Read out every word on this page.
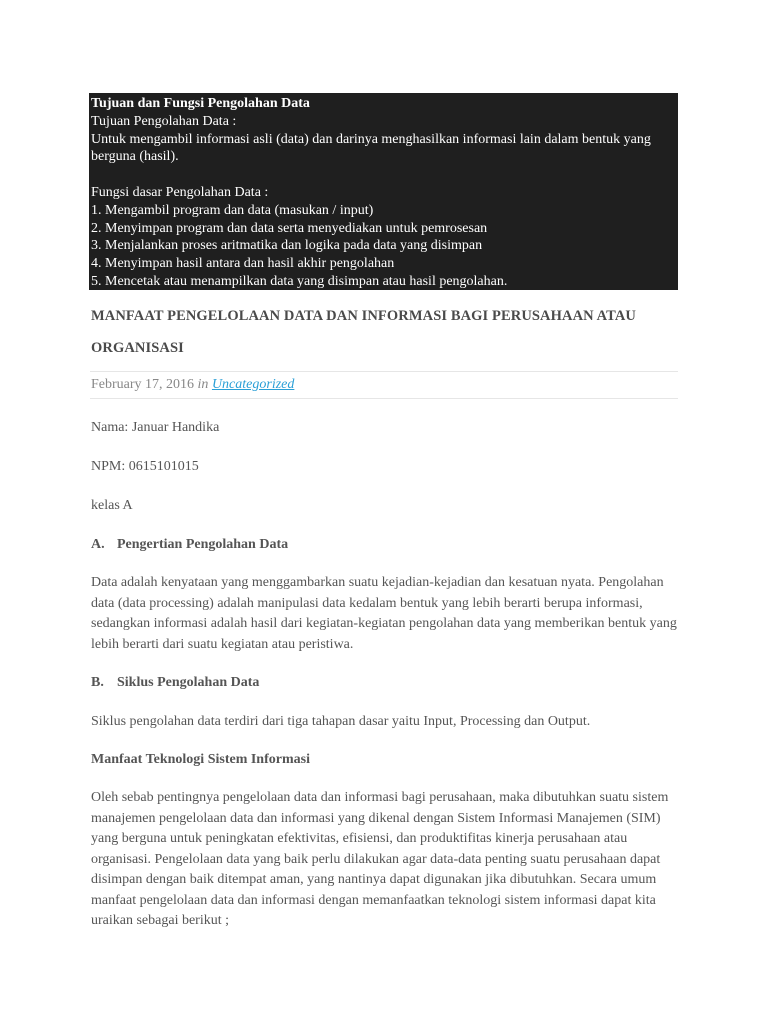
Tujuan dan Fungsi Pengolahan Data
Tujuan Pengolahan Data :
Untuk mengambil informasi asli (data) dan darinya menghasilkan informasi lain dalam bentuk yang berguna (hasil).
Fungsi dasar Pengolahan Data :
1. Mengambil program dan data (masukan / input)
2. Menyimpan program dan data serta menyediakan untuk pemrosesan
3. Menjalankan proses aritmatika dan logika pada data yang disimpan
4. Menyimpan hasil antara dan hasil akhir pengolahan
5. Mencetak atau menampilkan data yang disimpan atau hasil pengolahan.
MANFAAT PENGELOLAAN DATA DAN INFORMASI BAGI PERUSAHAAN ATAU ORGANISASI
February 17, 2016 in Uncategorized
Nama: Januar Handika
NPM: 0615101015
kelas A
A. Pengertian Pengolahan Data
Data adalah kenyataan yang menggambarkan suatu kejadian-kejadian dan kesatuan nyata. Pengolahan data (data processing) adalah manipulasi data kedalam bentuk yang lebih berarti berupa informasi, sedangkan informasi adalah hasil dari kegiatan-kegiatan pengolahan data yang memberikan bentuk yang lebih berarti dari suatu kegiatan atau peristiwa.
B. Siklus Pengolahan Data
Siklus pengolahan data terdiri dari tiga tahapan dasar yaitu Input, Processing dan Output.
Manfaat Teknologi Sistem Informasi
Oleh sebab pentingnya pengelolaan data dan informasi bagi perusahaan, maka dibutuhkan suatu sistem manajemen pengelolaan data dan informasi yang dikenal dengan Sistem Informasi Manajemen (SIM) yang berguna untuk peningkatan efektivitas, efisiensi, dan produktifitas kinerja perusahaan atau organisasi. Pengelolaan data yang baik perlu dilakukan agar data-data penting suatu perusahaan dapat disimpan dengan baik ditempat aman, yang nantinya dapat digunakan jika dibutuhkan. Secara umum manfaat pengelolaan data dan informasi dengan memanfaatkan teknologi sistem informasi dapat kita uraikan sebagai berikut ;
